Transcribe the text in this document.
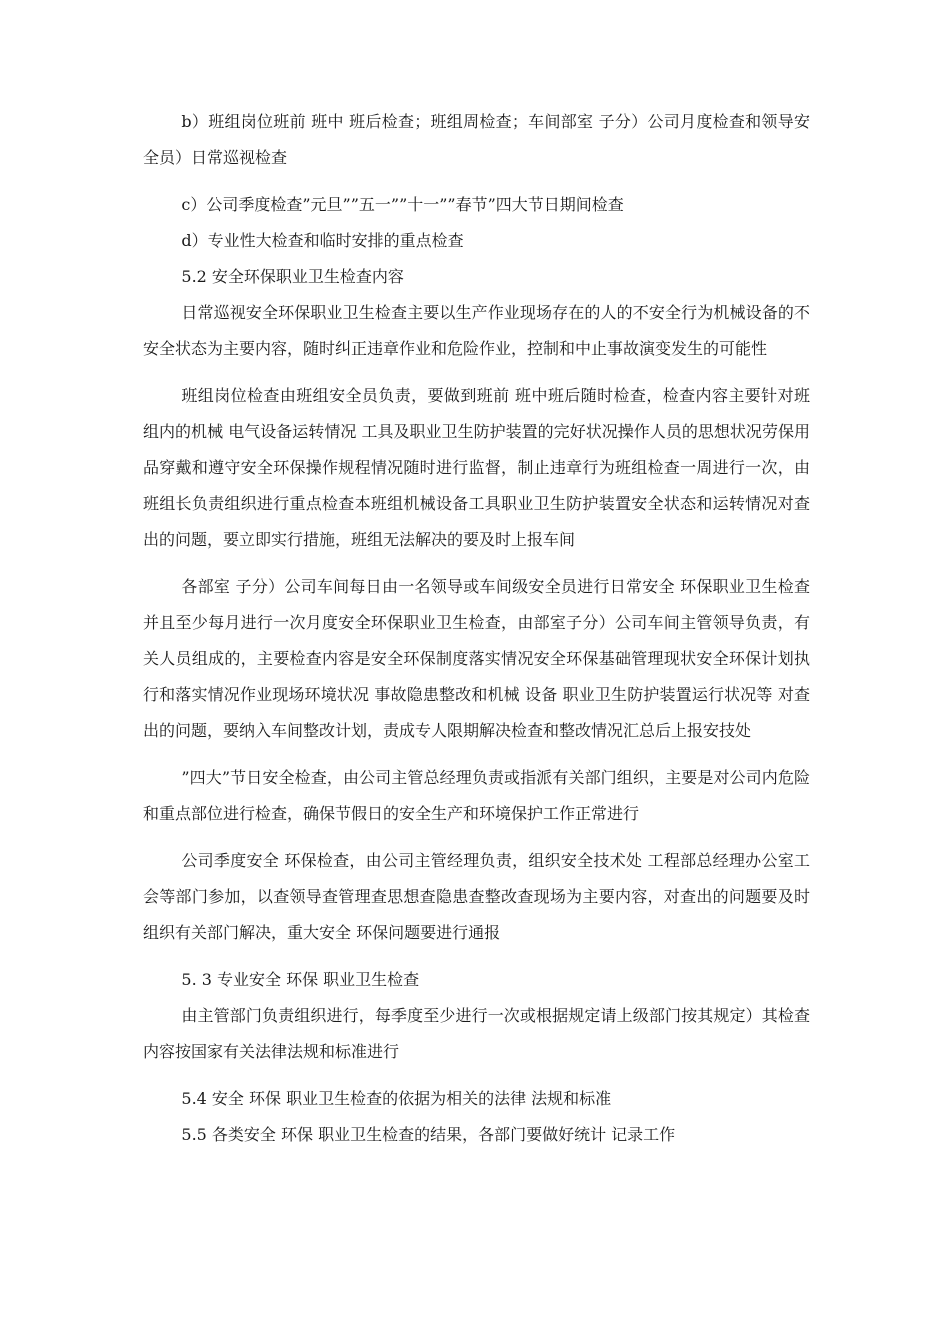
b）班组岗位班前 班中 班后检查；班组周检查；车间部室 子分）公司月度检查和领导安全员）日常巡视检查

c）公司季度检查”元旦””五一””十一””春节”四大节日期间检查

d）专业性大检查和临时安排的重点检查

5.2 安全环保职业卫生检查内容

日常巡视安全环保职业卫生检查主要以生产作业现场存在的人的不安全行为机械设备的不安全状态为主要内容，随时纠正违章作业和危险作业，控制和中止事故演变发生的可能性

班组岗位检查由班组安全员负责，要做到班前 班中班后随时检查，检查内容主要针对班组内的机械 电气设备运转情况 工具及职业卫生防护装置的完好状况操作人员的思想状况劳保用品穿戴和遵守安全环保操作规程情况随时进行监督，制止违章行为班组检查一周进行一次，由班组长负责组织进行重点检查本班组机械设备工具职业卫生防护装置安全状态和运转情况对查出的问题，要立即实行措施，班组无法解决的要及时上报车间

各部室 子分）公司车间每日由一名领导或车间级安全员进行日常安全 环保职业卫生检查并且至少每月进行一次月度安全环保职业卫生检查，由部室子分）公司车间主管领导负责，有关人员组成的，主要检查内容是安全环保制度落实情况安全环保基础管理现状安全环保计划执行和落实情况作业现场环境状况 事故隐患整改和机械 设备 职业卫生防护装置运行状况等 对查出的问题，要纳入车间整改计划，责成专人限期解决检查和整改情况汇总后上报安技处

”四大”节日安全检查，由公司主管总经理负责或指派有关部门组织，主要是对公司内危险和重点部位进行检查，确保节假日的安全生产和环境保护工作正常进行

公司季度安全 环保检查，由公司主管经理负责，组织安全技术处 工程部总经理办公室工会等部门参加，以查领导查管理查思想查隐患查整改查现场为主要内容，对查出的问题要及时组织有关部门解决，重大安全 环保问题要进行通报

5. 3 专业安全 环保 职业卫生检查

由主管部门负责组织进行，每季度至少进行一次或根据规定请上级部门按其规定）其检查内容按国家有关法律法规和标准进行

5.4 安全 环保 职业卫生检查的依据为相关的法律 法规和标准

5.5 各类安全 环保 职业卫生检查的结果，各部门要做好统计 记录工作
